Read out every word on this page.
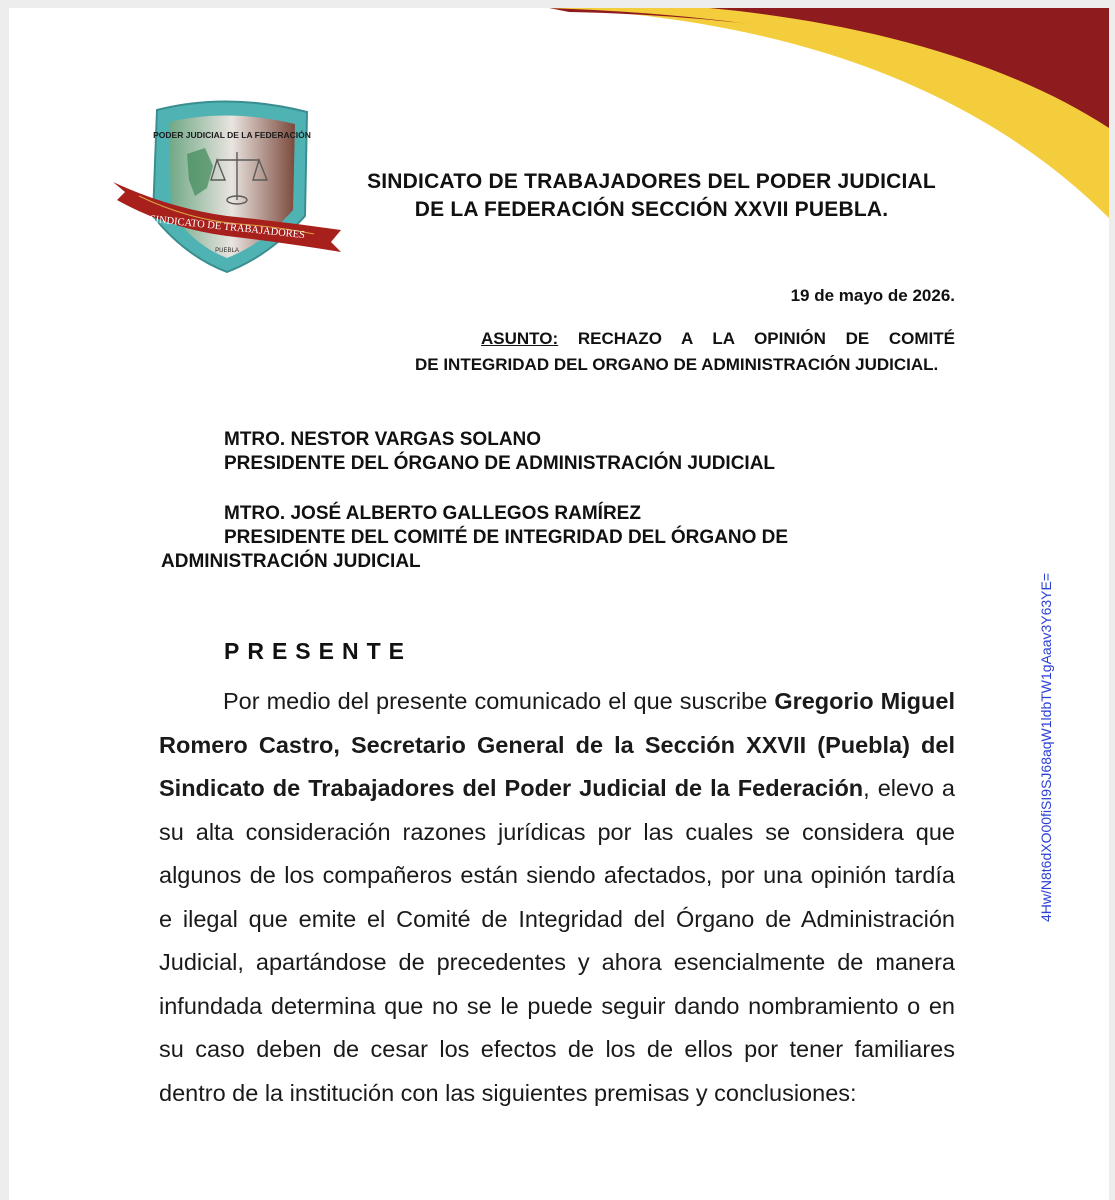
PODER JUDICIAL DE LA FEDERACIÓN
SINDICATO DE TRABAJADORES
PUEBLA
SINDICATO DE TRABAJADORES DEL PODER JUDICIAL
DE LA FEDERACIÓN SECCIÓN XXVII PUEBLA.
19 de mayo de 2026.
ASUNTO: RECHAZO A LA OPINIÓN DE COMITÉ
DE INTEGRIDAD DEL ORGANO DE ADMINISTRACIÓN JUDICIAL.
MTRO. NESTOR VARGAS SOLANO
PRESIDENTE DEL ÓRGANO DE ADMINISTRACIÓN JUDICIAL
MTRO. JOSÉ ALBERTO GALLEGOS RAMÍREZ
PRESIDENTE DEL COMITÉ DE INTEGRIDAD DEL ÓRGANO DE
ADMINISTRACIÓN JUDICIAL
PRESENTE
Por medio del presente comunicado el que suscribe Gregorio Miguel Romero Castro, Secretario General de la Sección XXVII (Puebla) del Sindicato de Trabajadores del Poder Judicial de la Federación, elevo a su alta consideración razones jurídicas por las cuales se considera que algunos de los compañeros están siendo afectados, por una opinión tardía e ilegal que emite el Comité de Integridad del Órgano de Administración Judicial, apartándose de precedentes y ahora esencialmente de manera infundada determina que no se le puede seguir dando nombramiento o en su caso deben de cesar los efectos de los de ellos por tener familiares dentro de la institución con las siguientes premisas y conclusiones:
4Hw/N8t6dXO00fiSI9SJ68aqW1ldbTW1gAaav3Y63YE=
